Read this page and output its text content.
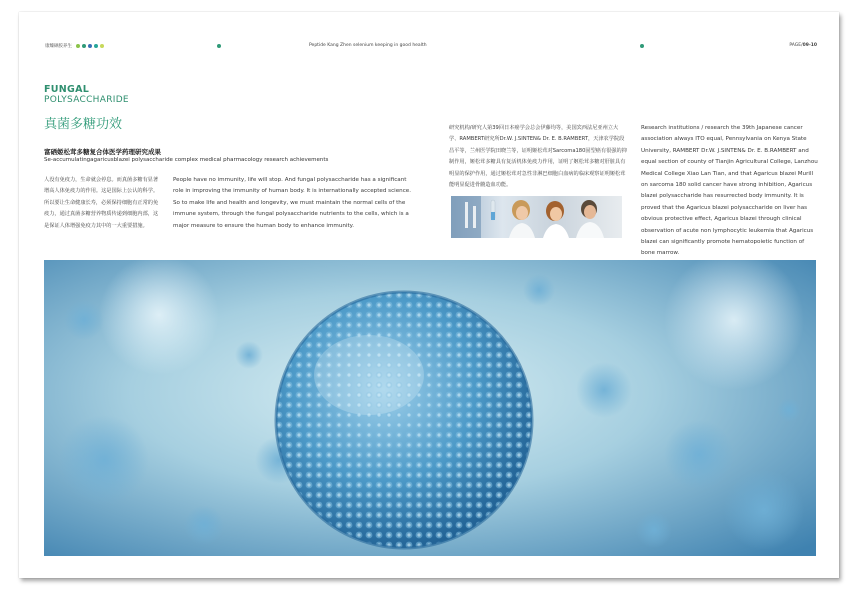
康臻硒胶养生	Peptide Kang Zhen selenium keeping in good health	PAGE/09-10
FUNGAL
POLYSACCHARIDE
真菌多糖功效
富硒姬松茸多糖复合体医学药理研究成果
Se-accumulatingagaricusblazei polysaccharide complex medical pharmacology research achievements
人没有免疫力，生命就会停息。而真菌多糖有显著增高人体免疫力的作用。这是国际上公认的科学。所以要让生命健康长寿，必须保持细胞有正常的免疫力，通过真菌多糖营养物质传递到细胞内部，这是保证人体增强免疫力其中的一大重要措施。
People have no immunity, life will stop. And fungal polysaccharide has a significant role in improving the immunity of human body. It is internationally accepted science. So to make life and health and longevity, we must maintain the normal cells of the immune system, through the fungal polysaccharide nutrients to the cells, which is a major measure to ensure the human body to enhance immunity.
研究机构/研究人第39回日本癌学会总会伊藤均等，美国宾西法尼亚州立大学、RAMBERT研究所Dr.W. J.SINTEN& Dr. E. B.RAMBERT，天津农学院段昌平等，兰州医学院田晓兰等，证明姬松茸对Sarcoma180固型癌有很强的抑制作用，姬松茸多糖具有复活机体免疫力作用，证明了姬松茸多糖对肝脏具有明显的保护作用，通过姬松茸对急性非淋巴细胞白血病的临床观察证明姬松茸能明显促进骨髓造血功能。
Research institutions / research the 39th Japanese cancer association always ITO equal, Pennsylvania on Kenya State University, RAMBERT Dr.W. J.SINTEN& Dr. E. B.RAMBERT and equal section of county of Tianjin Agricultural College, Lanzhou Medical College Xiao Lan Tian, and that Agaricus blazei Murill on sarcoma 180 solid cancer have strong inhibition, Agaricus blazei polysaccharide has resurrected body immunity. It is proved that the Agaricus blazei polysaccharide on liver has obvious protective effect, Agaricus blazei through clinical observation of acute non lymphocytic leukemia that Agaricus blazei can significantly promote hematopoietic function of bone marrow.
